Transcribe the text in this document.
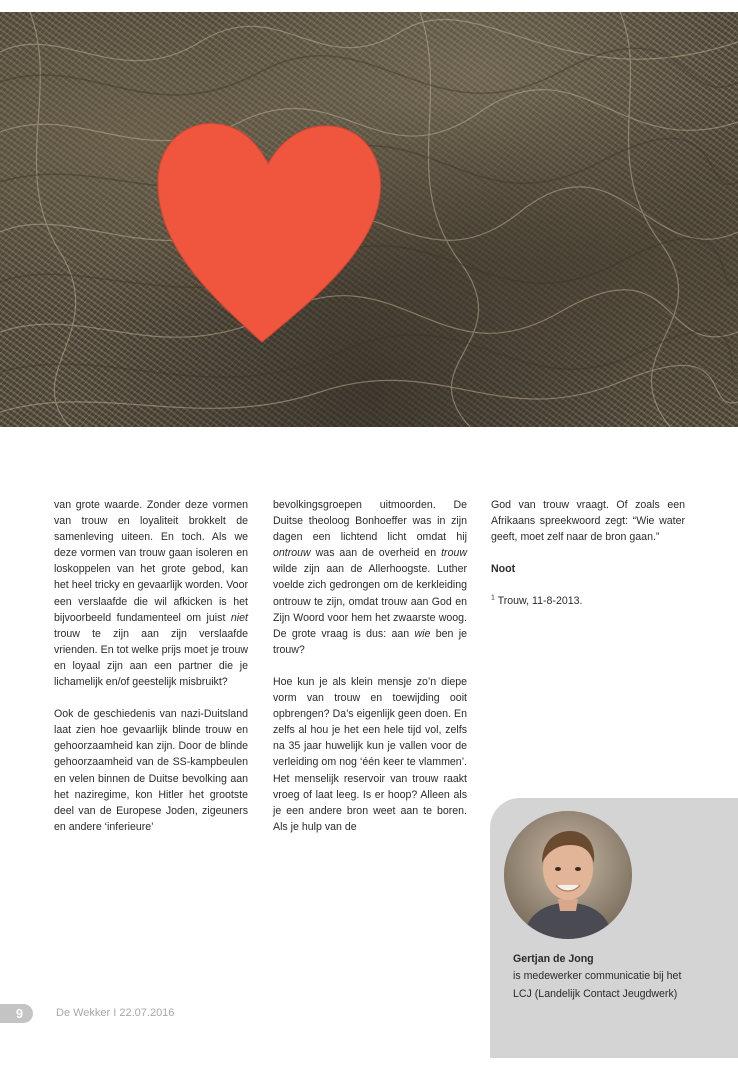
van grote waarde. Zonder deze vormen van trouw en loyaliteit brokkelt de samenleving uiteen. En toch. Als we deze vormen van trouw gaan isoleren en loskoppelen van het grote gebod, kan het heel tricky en gevaarlijk worden. Voor een verslaafde die wil afkicken is het bijvoorbeeld fundamenteel om juist niet trouw te zijn aan zijn verslaafde vrienden. En tot welke prijs moet je trouw en loyaal zijn aan een partner die je lichamelijk en/of geestelijk misbruikt?

Ook de geschiedenis van nazi-Duitsland laat zien hoe gevaarlijk blinde trouw en gehoorzaamheid kan zijn. Door de blinde gehoorzaamheid van de SS-kampbeulen en velen binnen de Duitse bevolking aan het naziregime, kon Hitler het grootste deel van de Europese Joden, zigeuners en andere ‘inferieure’

bevolkingsgroepen uitmoorden. De Duitse theoloog Bonhoeffer was in zijn dagen een lichtend licht omdat hij ontrouw was aan de overheid en trouw wilde zijn aan de Allerhoogste. Luther voelde zich gedrongen om de kerkleiding ontrouw te zijn, omdat trouw aan God en Zijn Woord voor hem het zwaarste woog. De grote vraag is dus: aan wie ben je trouw?

Hoe kun je als klein mensje zo’n diepe vorm van trouw en toewijding ooit opbrengen? Da’s eigenlijk geen doen. En zelfs al hou je het een hele tijd vol, zelfs na 35 jaar huwelijk kun je vallen voor de verleiding om nog ‘één keer te vlammen’. Het menselijk reservoir van trouw raakt vroeg of laat leeg. Is er hoop? Alleen als je een andere bron weet aan te boren. Als je hulp van de

God van trouw vraagt. Of zoals een Afrikaans spreekwoord zegt: “Wie water geeft, moet zelf naar de bron gaan.”

Noot

$^1$ Trouw, 11-8-2013.

Gertjan de Jong
is medewerker communicatie bij het LCJ (Landelijk Contact Jeugdwerk)
9	De Wekker I 22.07.2016
